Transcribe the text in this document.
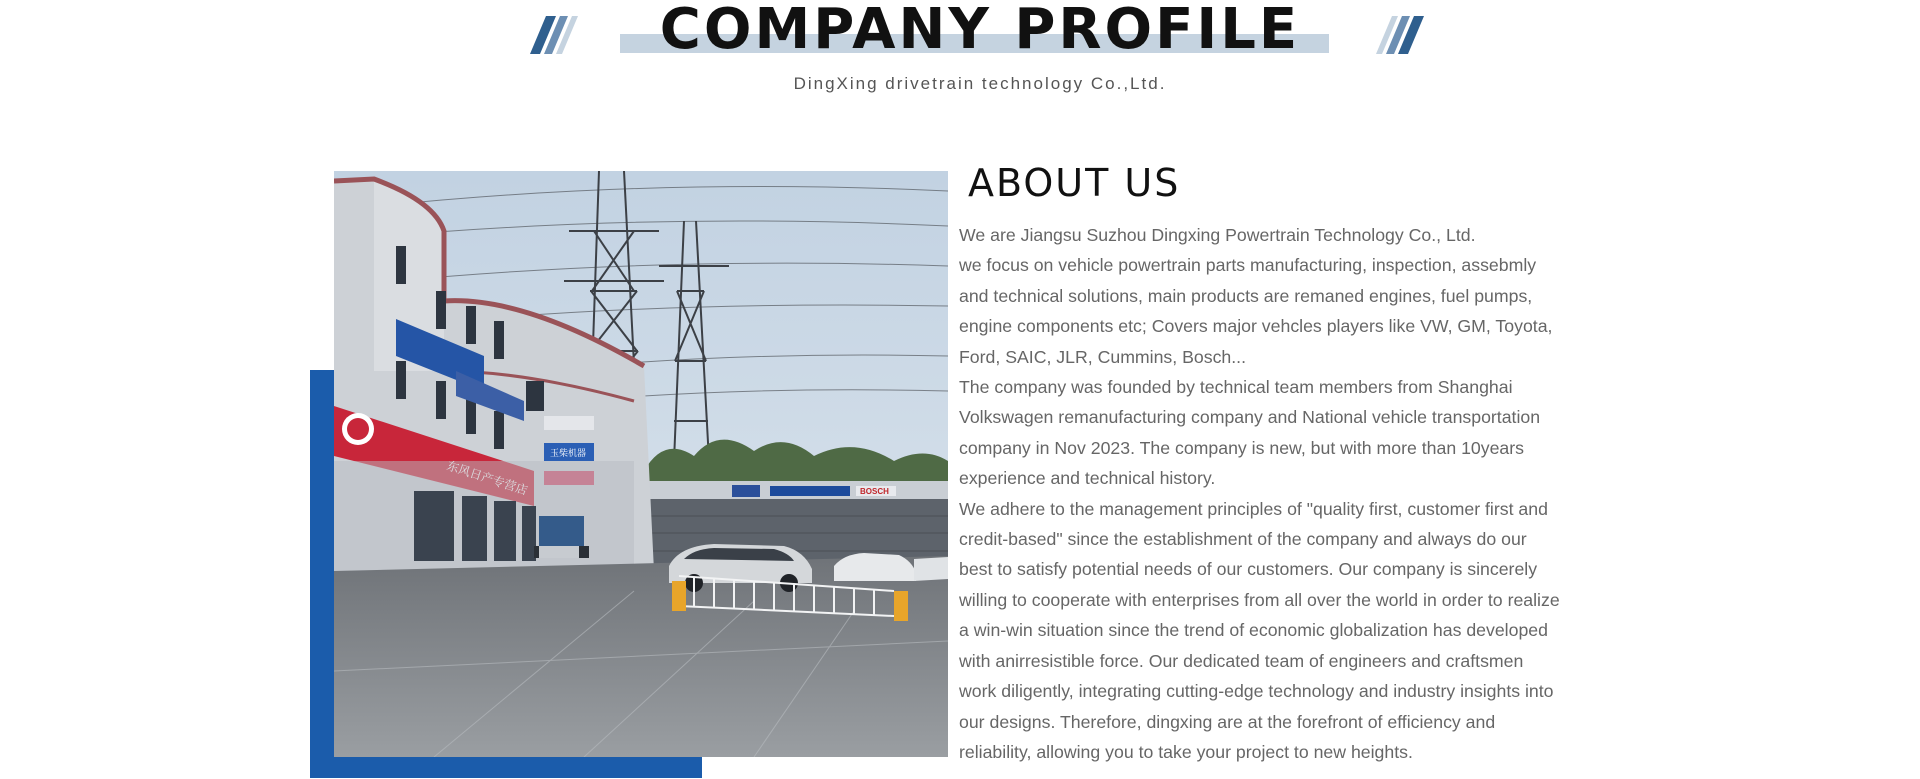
COMPANY PROFILE
DingXing drivetrain technology Co.,Ltd.
BOSCH
玉柴机器
ABOUT US

We are Jiangsu Suzhou Dingxing Powertrain Technology Co., Ltd.

we focus on vehicle powertrain parts manufacturing, inspection, assebmly

and technical solutions, main products are remaned engines, fuel pumps,

engine components etc; Covers major vehcles players like VW, GM, Toyota,

Ford, SAIC, JLR, Cummins, Bosch...

The company was founded by technical team members from Shanghai

Volkswagen remanufacturing company and National vehicle transportation

company in Nov 2023. The company is new, but with more than 10years

experience and technical history.

We adhere to the management principles of "quality first, customer first and

credit-based" since the establishment of the company and always do our

best to satisfy potential needs of our customers. Our company is sincerely

willing to cooperate with enterprises from all over the world in order to realize

a win-win situation since the trend of economic globalization has developed

with anirresistible force. Our dedicated team of engineers and craftsmen

work diligently, integrating cutting-edge technology and industry insights into

our designs. Therefore, dingxing are at the forefront of efficiency and

reliability, allowing you to take your project to new heights.
